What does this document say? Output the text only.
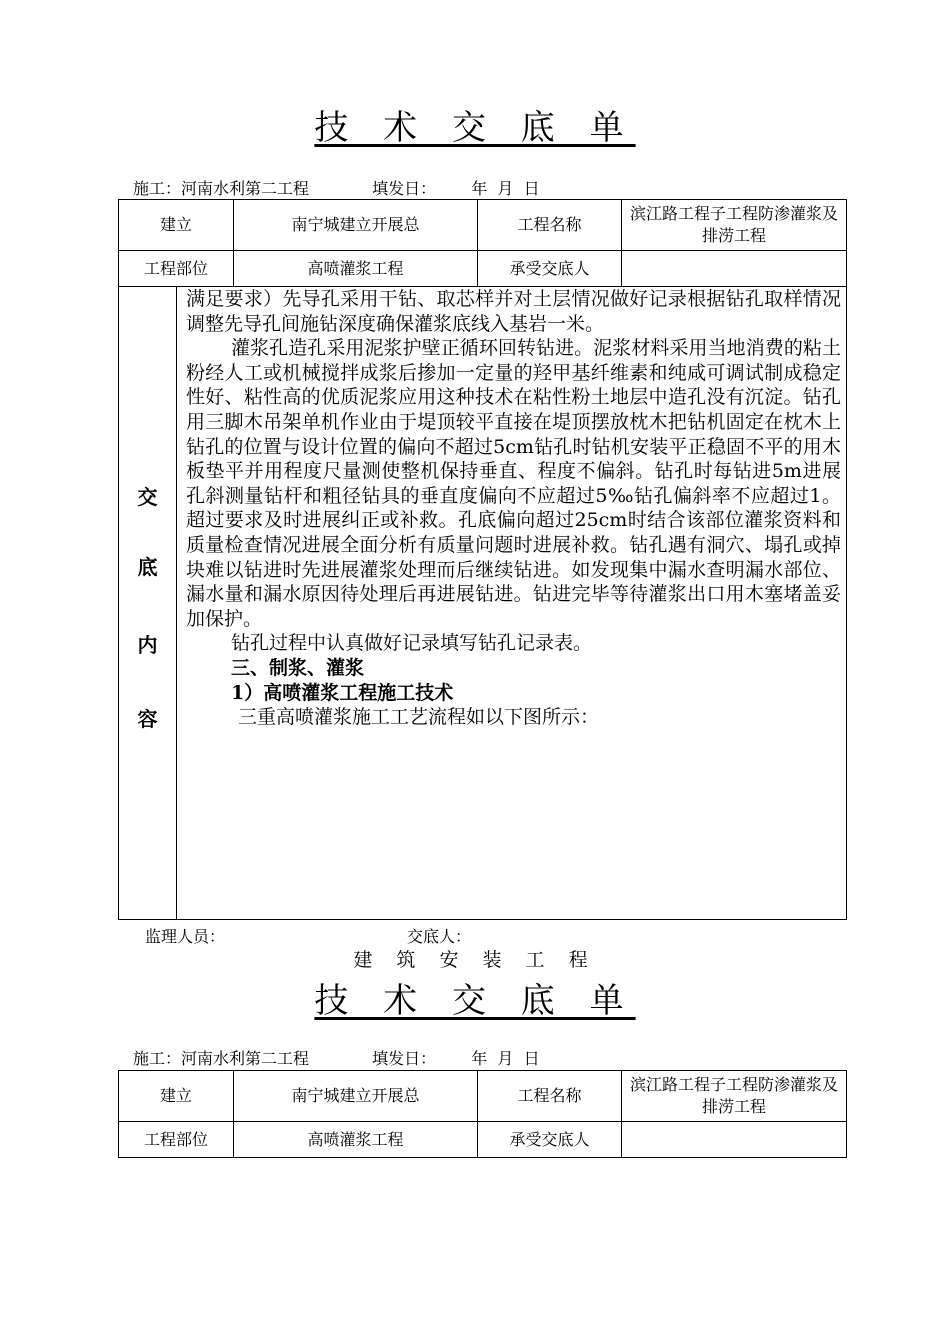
技 术 交 底 单
施工：河南水利第二工程	填发日： 年  月  日
建立	南宁城建立开展总	工程名称	滨江路工程子工程防渗灌浆及排涝工程
工程部位	高喷灌浆工程	承受交底人	
交
底
内
容

满足要求）先导孔采用干钻、取芯样并对土层情况做好记录根据钻孔取样情况调整先导孔间施钻深度确保灌浆底线入基岩一米。

灌浆孔造孔采用泥浆护壁正循环回转钻进。泥浆材料采用当地消费的粘土粉经人工或机械搅拌成浆后掺加一定量的羟甲基纤维素和纯咸可调试制成稳定性好、粘性高的优质泥浆应用这种技术在粘性粉土地层中造孔没有沉淀。钻孔用三脚木吊架单机作业由于堤顶较平直接在堤顶摆放枕木把钻机固定在枕木上钻孔的位置与设计位置的偏向不超过5cm钻孔时钻机安装平正稳固不平的用木板垫平并用程度尺量测使整机保持垂直、程度不偏斜。钻孔时每钻进5m进展孔斜测量钻杆和粗径钻具的垂直度偏向不应超过5‰钻孔偏斜率不应超过1。超过要求及时进展纠正或补救。孔底偏向超过25cm时结合该部位灌浆资料和质量检查情况进展全面分析有质量问题时进展补救。钻孔遇有洞穴、塌孔或掉块难以钻进时先进展灌浆处理而后继续钻进。如发现集中漏水查明漏水部位、漏水量和漏水原因待处理后再进展钻进。钻进完毕等待灌浆出口用木塞堵盖妥加保护。

钻孔过程中认真做好记录填写钻孔记录表。

三、制浆、灌浆

1）高喷灌浆工程施工技术

三重高喷灌浆施工工艺流程如以下图所示：

监理人员：	交底人：
建 筑 安 装 工 程
技 术 交 底 单
施工：河南水利第二工程	填发日： 年  月  日
建立	南宁城建立开展总	工程名称	滨江路工程子工程防渗灌浆及排涝工程
工程部位	高喷灌浆工程	承受交底人	
